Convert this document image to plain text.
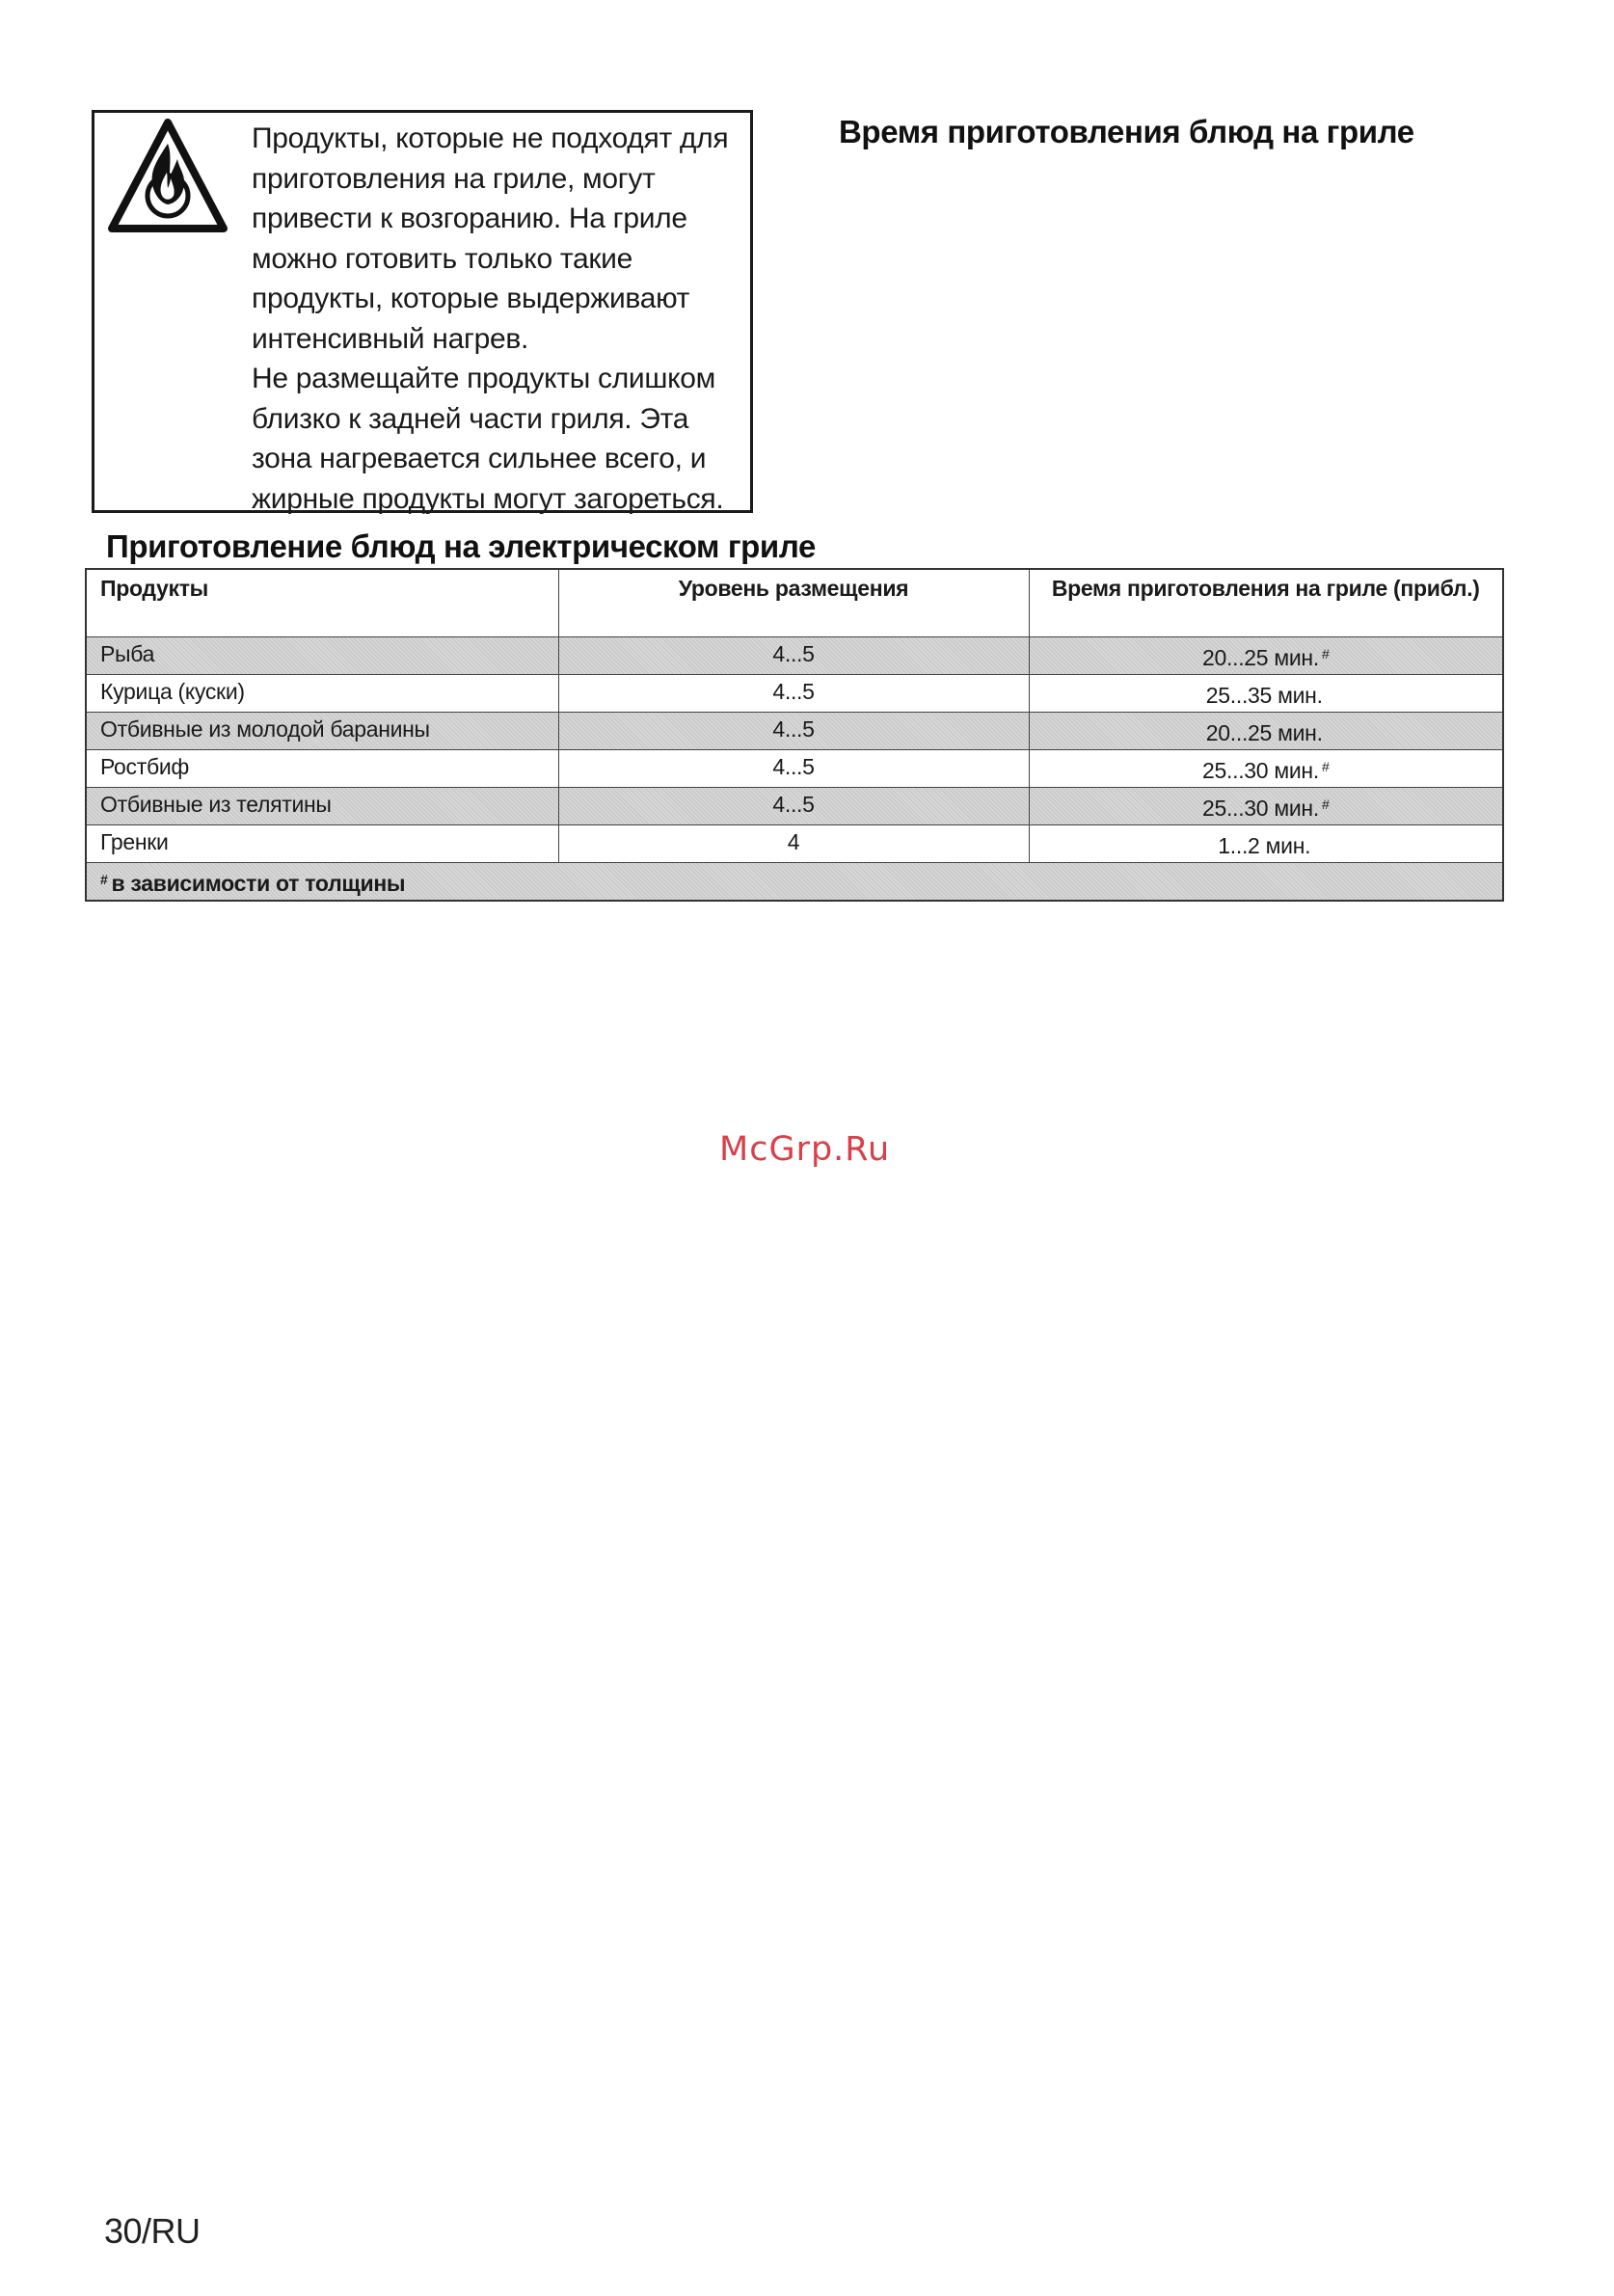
Продукты, которые не подходят для приготовления на гриле, могут привести к возгоранию. На гриле можно готовить только такие продукты, которые выдерживают интенсивный нагрев.

Не размещайте продукты слишком близко к задней части гриля. Эта зона нагревается сильнее всего, и жирные продукты могут загореться.

Время приготовления блюд на гриле
Приготовление блюд на электрическом гриле
Продукты	Уровень размещения	Время приготовления на гриле (прибл.)
Рыба	4...5	20...25 мин. #
Курица (куски)	4...5	25...35 мин.
Отбивные из молодой баранины	4...5	20...25 мин.
Ростбиф	4...5	25...30 мин. #
Отбивные из телятины	4...5	25...30 мин. #
Гренки	4	1...2 мин.
# в зависимости от толщины		
McGrp.Ru
30/RU
